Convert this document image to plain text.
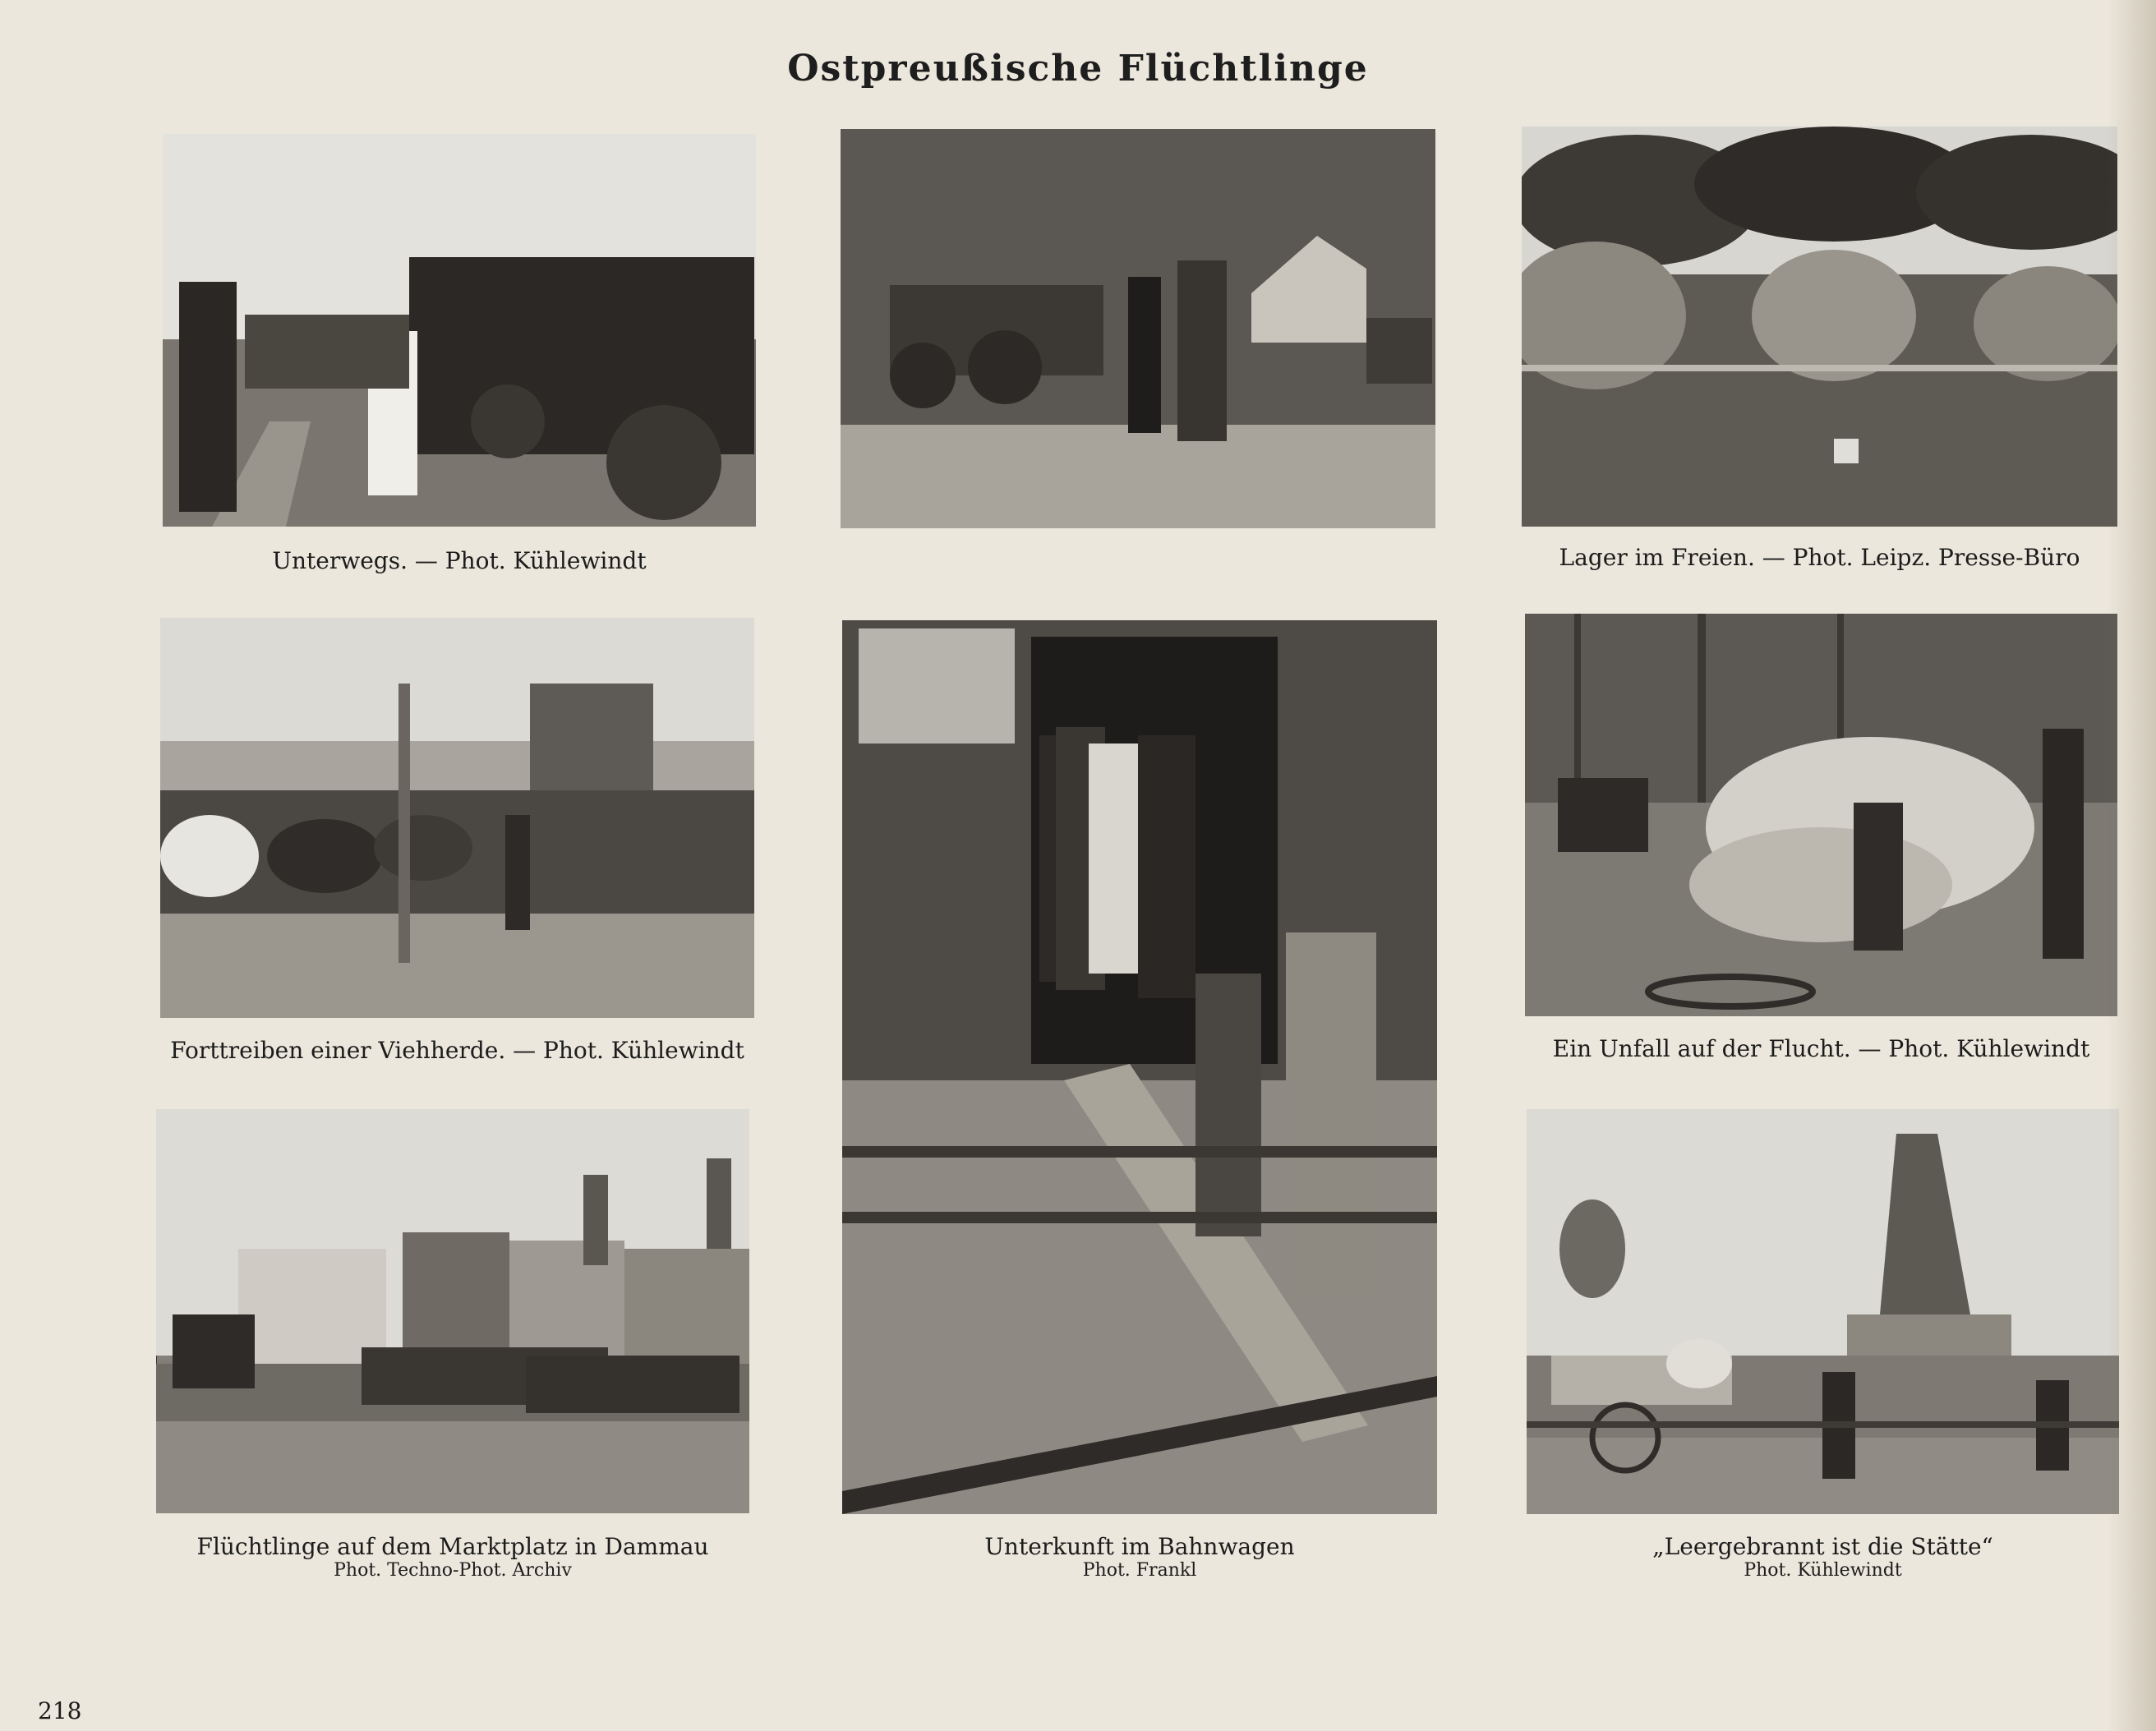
Ostpreußische Flüchtlinge
Unterwegs. — Phot. Kühlewindt	Lager im Freien. — Phot. Leipz. Presse-Büro
Forttreiben einer Viehherde. — Phot. Kühlewindt	Ein Unfall auf der Flucht. — Phot. Kühlewindt
Flüchtlinge auf dem Marktplatz in Dammau
Phot. Techno-Phot. Archiv
Unterkunft im Bahnwagen
Phot. Frankl
„Leergebrannt ist die Stätte“
Phot. Kühlewindt
218
